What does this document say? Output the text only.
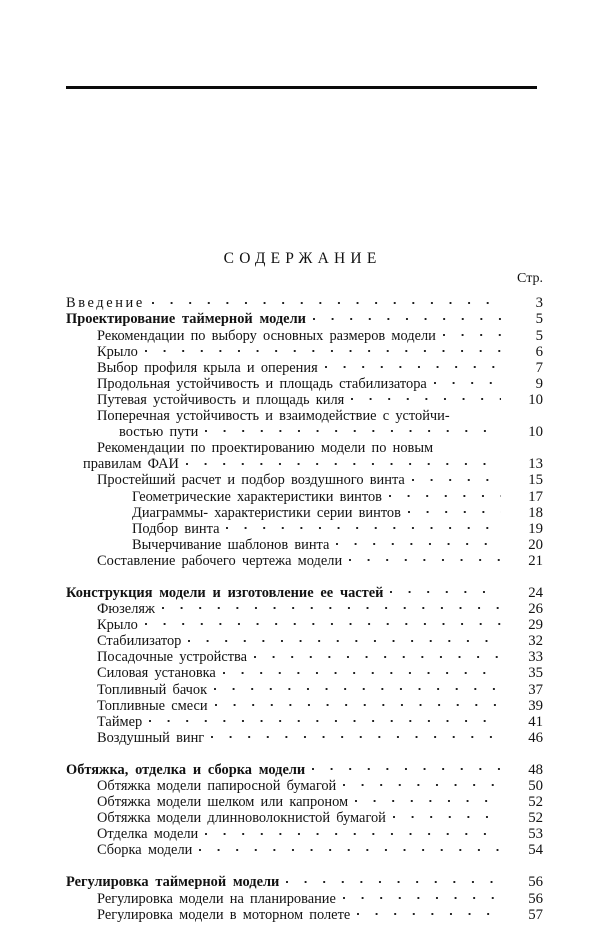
СОДЕРЖАНИЕ
Стр.
Введение	3
Проектирование таймерной модели	5
Рекомендации по выбору основных размеров модели	5
Крыло	6
Выбор профиля крыла и оперения	7
Продольная устойчивость и площадь стабилизатора	9
Путевая устойчивость и площадь киля	10
Поперечная устойчивость и взаимодействие с устойчи-
востью пути	10
Рекомендации по проектированию модели по новым
правилам ФАИ	13
Простейший расчет и подбор воздушного винта	15
Геометрические характеристики винтов	17
Диаграммы- характеристики серии винтов	18
Подбор винта	19
Вычерчивание шаблонов винта	20
Составление рабочего чертежа модели	21
Конструкция модели и изготовление ее частей	24
Фюзеляж	26
Крыло	29
Стабилизатор	32
Посадочные устройства	33
Силовая установка	35
Топливный бачок	37
Топливные смеси	39
Таймер	41
Воздушный винг	46
Обтяжка, отделка и сборка модели	48
Обтяжка модели папиросной бумагой	50
Обтяжка модели шелком или капроном	52
Обтяжка модели длинноволокнистой бумагой	52
Отделка модели	53
Сборка модели	54
Регулировка таймерной модели	56
Регулировка модели на планирование	56
Регулировка модели в моторном полете	57
